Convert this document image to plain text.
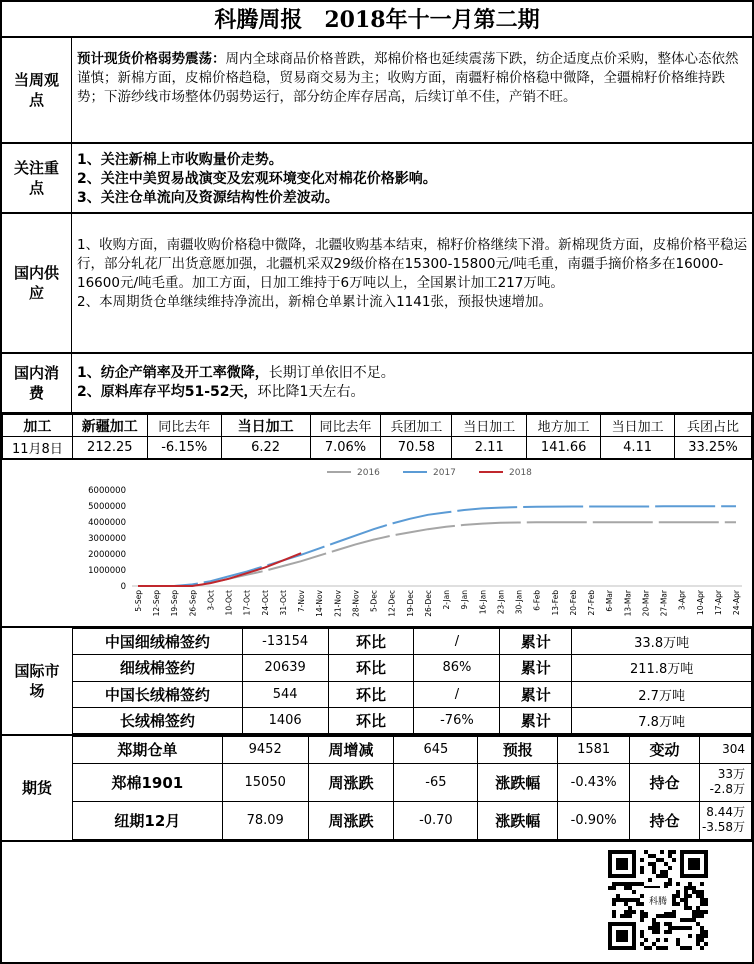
科腾周报　2018年十一月第二期
当周观点
预计现货价格弱势震荡：周内全球商品价格普跌，郑棉价格也延续震荡下跌，纺企适度点价采购，整体心态依然谨慎；新棉方面，皮棉价格趋稳，贸易商交易为主；收购方面，南疆籽棉价格稳中微降，全疆棉籽价格维持跌势；下游纱线市场整体仍弱势运行，部分纺企库存居高，后续订单不佳，产销不旺。
关注重点
1、关注新棉上市收购量价走势。
2、关注中美贸易战演变及宏观环境变化对棉花价格影响。
3、关注仓单流向及资源结构性价差波动。
国内供应
1、收购方面，南疆收购价格稳中微降，北疆收购基本结束，棉籽价格继续下滑。新棉现货方面，皮棉价格平稳运行，部分轧花厂出货意愿加强，北疆机采双29级价格在15300-15800元/吨毛重，南疆手摘价格多在16000-16600元/吨毛重。加工方面，日加工维持于6万吨以上，全国累计加工217万吨。
2、本周期货仓单继续维持净流出，新棉仓单累计流入1141张，预报快速增加。
国内消费
1、纺企产销率及开工率微降，长期订单依旧不足。
2、原料库存平均51-52天，环比降1天左右。
加工	新疆加工	同比去年	当日加工	同比去年	兵团加工	当日加工	地方加工	当日加工	兵团占比
11月8日	212.25	-6.15%	6.22	7.06%	70.58	2.11	141.66	4.11	33.25%
2016	2017	2018
0
1000000
2000000
3000000
4000000
5000000
6000000
5-Sep 12-Sep 19-Sep 26-Sep 3-Oct 10-Oct 17-Oct 24-Oct 31-Oct 7-Nov 14-Nov 21-Nov 28-Nov 5-Dec 12-Dec 19-Dec 26-Dec 2-Jan 9-Jan 16-Jan 23-Jan 30-Jan 6-Feb 13-Feb 20-Feb 27-Feb 6-Mar 13-Mar 20-Mar 27-Mar 3-Apr 10-Apr 17-Apr 24-Apr
国际市场
中国细绒棉签约	-13154	环比	/	累计	33.8万吨
细绒棉签约	20639	环比	86%	累计	211.8万吨
中国长绒棉签约	544	环比	/	累计	2.7万吨
长绒棉签约	1406	环比	-76%	累计	7.8万吨
期货
郑期仓单	9452	周增减	645	预报	1581	变动	304
郑棉1901	15050	周涨跌	-65	涨跌幅	-0.43%	持仓	33万
-2.8万
纽期12月	78.09	周涨跌	-0.70	涨跌幅	-0.90%	持仓	8.44万
-3.58万
科腾
